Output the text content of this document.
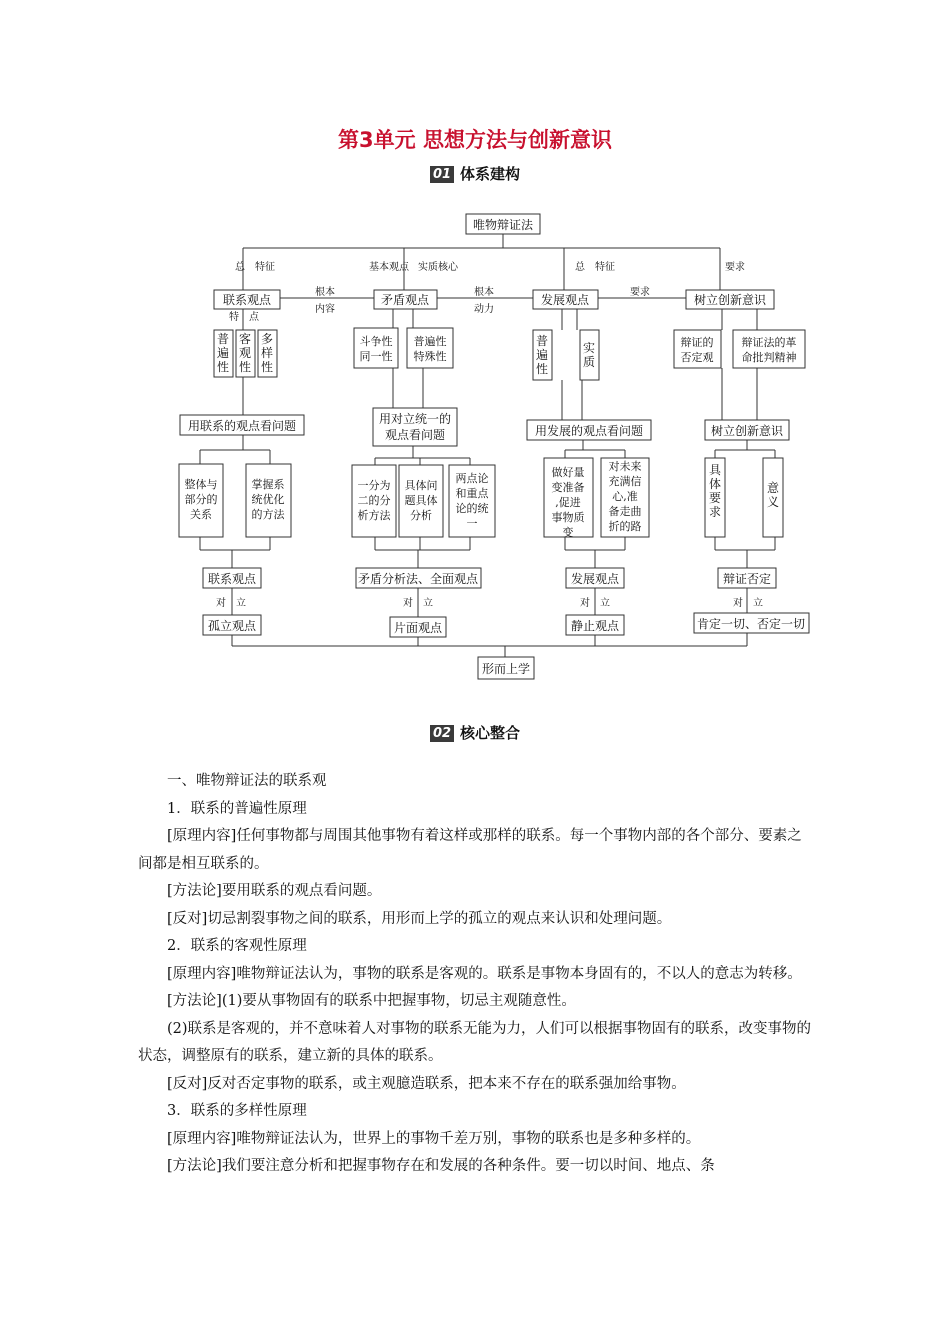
第3单元 思想方法与创新意识
01 体系建构
唯物辩证法
总　特征	基本观点 实质核心	总　特征	要求
联系观点	矛盾观点	发展观点	树立创新意识
根本
内容
根本
动力
要求
特　点
普遍性
客观性
多样性
斗争性同一性
普遍性特殊性
普遍性
实质
辩证的否定观
辩证法的革命批判精神
用联系的观点看问题	用对立统一的
观点看问题	用发展的观点看问题	树立创新意识
整体与部分的关系
掌握系统优化的方法
一分为二的分析方法
具体问题具体分析
两点论和重点论的统一
做好量变准备,促进事物质变
对未来充满信心,准备走曲折的路
具体要求
意义
联系观点	矛盾分析法、全面观点	发展观点	辩证否定
对　立	对　立	对　立	对　立
孤立观点	片面观点	静止观点	肯定一切、否定一切
形而上学
02 核心整合

一、唯物辩证法的联系观

1．联系的普遍性原理

[原理内容]任何事物都与周围其他事物有着这样或那样的联系。每一个事物内部的各个部分、要素之间都是相互联系的。

[方法论]要用联系的观点看问题。

[反对]切忌割裂事物之间的联系，用形而上学的孤立的观点来认识和处理问题。

2．联系的客观性原理

[原理内容]唯物辩证法认为，事物的联系是客观的。联系是事物本身固有的，不以人的意志为转移。

[方法论](1)要从事物固有的联系中把握事物，切忌主观随意性。

(2)联系是客观的，并不意味着人对事物的联系无能为力，人们可以根据事物固有的联系，改变事物的状态，调整原有的联系，建立新的具体的联系。

[反对]反对否定事物的联系，或主观臆造联系，把本来不存在的联系强加给事物。

3．联系的多样性原理

[原理内容]唯物辩证法认为，世界上的事物千差万别，事物的联系也是多种多样的。

[方法论]我们要注意分析和把握事物存在和发展的各种条件。要一切以时间、地点、条
